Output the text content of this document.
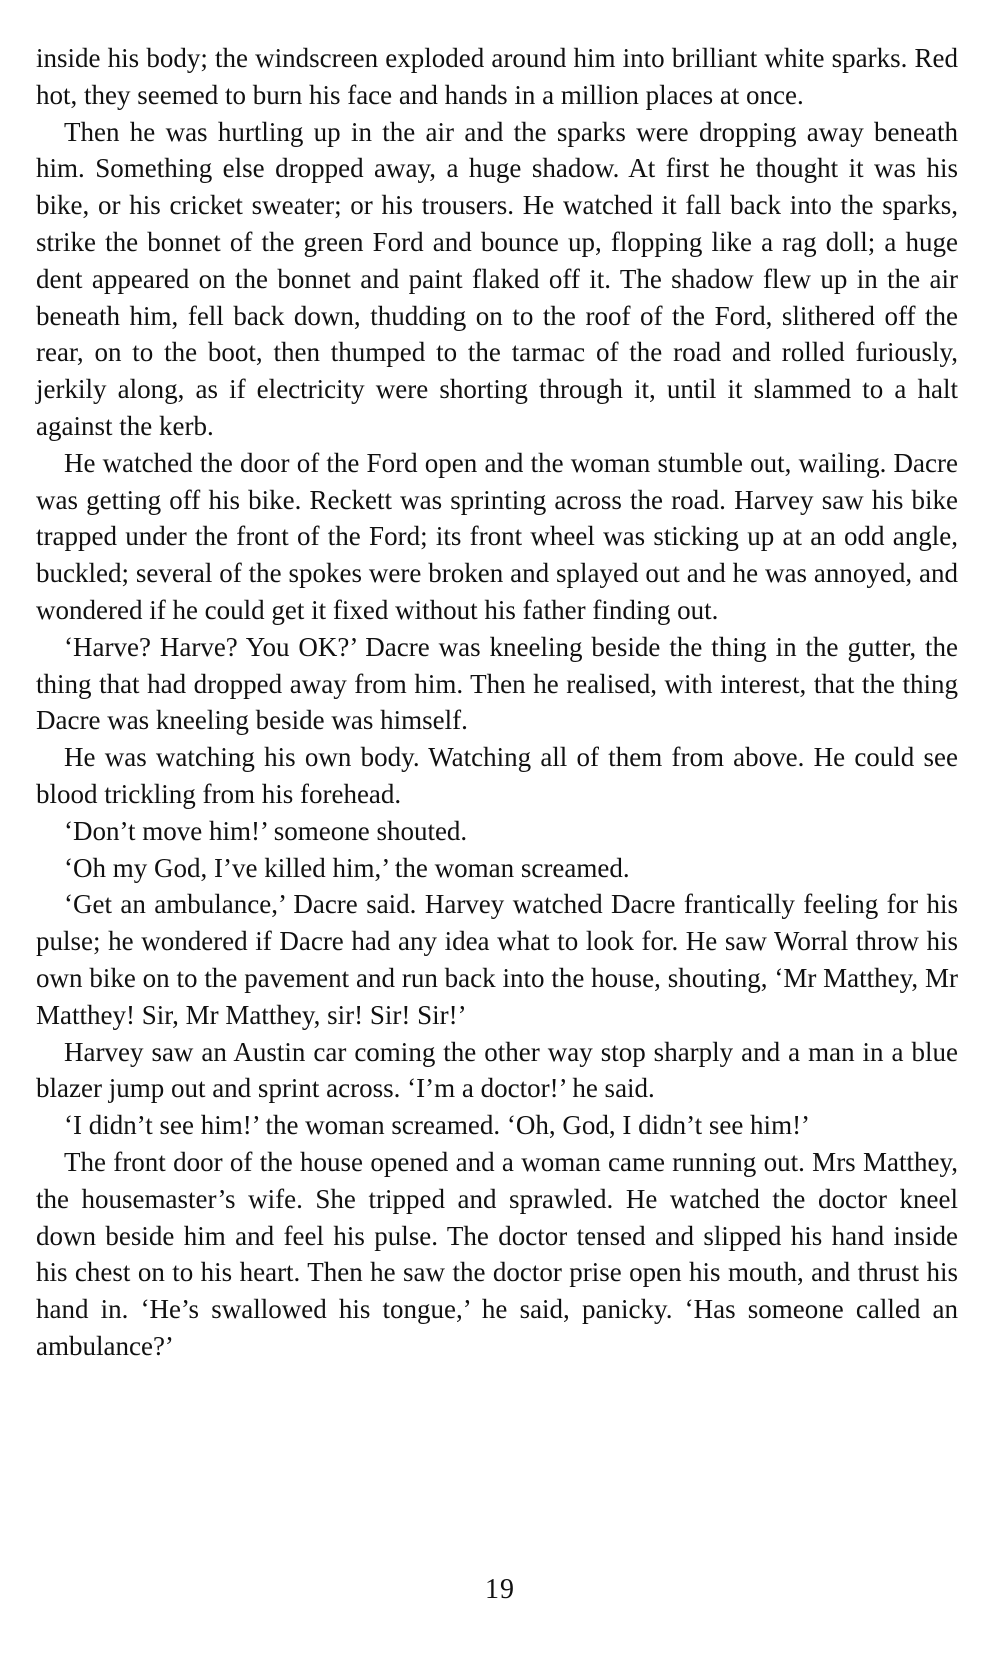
inside his body; the windscreen exploded around him into brilliant white sparks. Red hot, they seemed to burn his face and hands in a million places at once.

Then he was hurtling up in the air and the sparks were dropping away beneath him. Something else dropped away, a huge shadow. At first he thought it was his bike, or his cricket sweater; or his trousers. He watched it fall back into the sparks, strike the bonnet of the green Ford and bounce up, flopping like a rag doll; a huge dent appeared on the bonnet and paint flaked off it. The shadow flew up in the air beneath him, fell back down, thudding on to the roof of the Ford, slithered off the rear, on to the boot, then thumped to the tarmac of the road and rolled furiously, jerkily along, as if electricity were shorting through it, until it slammed to a halt against the kerb.

He watched the door of the Ford open and the woman stumble out, wailing. Dacre was getting off his bike. Reckett was sprinting across the road. Harvey saw his bike trapped under the front of the Ford; its front wheel was sticking up at an odd angle, buckled; several of the spokes were broken and splayed out and he was annoyed, and wondered if he could get it fixed without his father finding out.

‘Harve? Harve? You OK?’ Dacre was kneeling beside the thing in the gutter, the thing that had dropped away from him. Then he realised, with interest, that the thing Dacre was kneeling beside was himself.

He was watching his own body. Watching all of them from above. He could see blood trickling from his forehead.

‘Don’t move him!’ someone shouted.

‘Oh my God, I’ve killed him,’ the woman screamed.

‘Get an ambulance,’ Dacre said. Harvey watched Dacre frantically feeling for his pulse; he wondered if Dacre had any idea what to look for. He saw Worral throw his own bike on to the pavement and run back into the house, shouting, ‘Mr Matthey, Mr Matthey! Sir, Mr Matthey, sir! Sir! Sir!’

Harvey saw an Austin car coming the other way stop sharply and a man in a blue blazer jump out and sprint across. ‘I’m a doctor!’ he said.

‘I didn’t see him!’ the woman screamed. ‘Oh, God, I didn’t see him!’

The front door of the house opened and a woman came running out. Mrs Matthey, the housemaster’s wife. She tripped and sprawled. He watched the doctor kneel down beside him and feel his pulse. The doctor tensed and slipped his hand inside his chest on to his heart. Then he saw the doctor prise open his mouth, and thrust his hand in. ‘He’s swallowed his tongue,’ he said, panicky. ‘Has someone called an ambulance?’

19
